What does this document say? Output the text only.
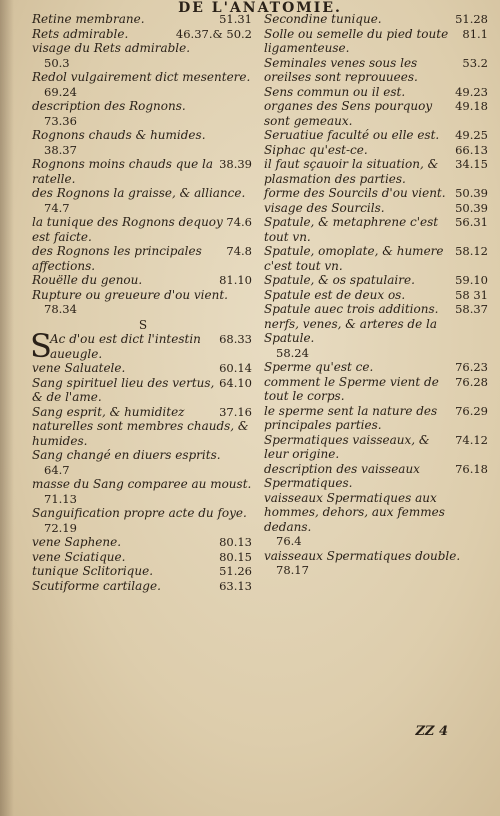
DE L'ANATOMIE.
51.31
Retine membrane.
46.37.& 50.2
Rets admirable.
visage du Rets admirable.
50.3
Redol vulgairement dict mesentere.
69.24
description des Rognons.
73.36
Rognons chauds & humides.
38.37
38.39
Rognons moins chauds que la ratelle.
des Rognons la graisse, & alliance.
74.7
74.6
la tunique des Rognons dequoy est faicte.
74.8
des Rognons les principales affections.
81.10
Rouëlle du genou.
Rupture ou greueure d'ou vient.
78.34
S
S	68.33
Ac d'ou est dict l'intestin aueugle.
60.14
vene Saluatele.
64.10
Sang spirituel lieu des vertus, & de l'ame.
37.16
Sang esprit, & humiditez naturelles sont membres chauds, & humides.
Sang changé en diuers esprits.
64.7
masse du Sang comparee au moust.
71.13
Sanguification propre acte du foye.
72.19
80.13
vene Saphene.
80.15
vene Sciatique.
51.26
tunique Sclitorique.
63.13
Scutiforme cartilage.
51.28
Secondine tunique.
81.1
Solle ou semelle du pied toute ligamenteuse.
53.2
Seminales venes sous les oreilses sont reprouuees.
49.23
Sens commun ou il est.
49.18
organes des Sens pourquoy sont gemeaux.
49.25
Seruatiue faculté ou elle est.
66.13
Siphac qu'est-ce.
34.15
il faut sçauoir la situation, & plasmation des parties.
50.39
forme des Sourcils d'ou vient.
50.39
visage des Sourcils.
56.31
Spatule, & metaphrene c'est tout vn.
58.12
Spatule, omoplate, & humere c'est tout vn.
59.10
Spatule, & os spatulaire.
58 31
Spatule est de deux os.
58.37
Spatule auec trois additions.
nerfs, venes, & arteres de la Spatule.
58.24
76.23
Sperme qu'est ce.
76.28
comment le Sperme vient de tout le corps.
76.29
le sperme sent la nature des principales parties.
74.12
Spermatiques vaisseaux, & leur origine.
76.18
description des vaisseaux Spermatiques.
vaisseaux Spermatiques aux hommes, dehors, aux femmes dedans.
76.4
vaisseaux Spermatiques double.
78.17
ZZ 4
